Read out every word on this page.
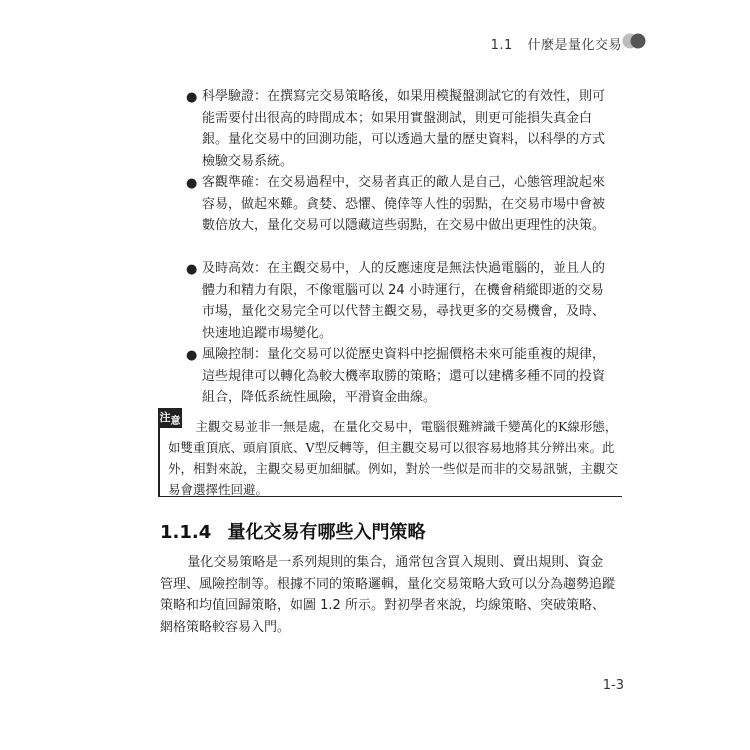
1.1 什麼是量化交易
● 科學驗證：在撰寫完交易策略後，如果用模擬盤測試它的有效性，則可能需要付出很高的時間成本；如果用實盤測試，則更可能損失真金白銀。量化交易中的回測功能，可以透過大量的歷史資料，以科學的方式檢驗交易系統。
● 客觀準確：在交易過程中，交易者真正的敵人是自己，心態管理說起來容易，做起來難。貪婪、恐懼、僥倖等人性的弱點，在交易市場中會被數倍放大，量化交易可以隱藏這些弱點，在交易中做出更理性的決策。
● 及時高效：在主觀交易中，人的反應速度是無法快過電腦的，並且人的體力和精力有限，不像電腦可以 24 小時運行，在機會稍縱即逝的交易市場，量化交易完全可以代替主觀交易，尋找更多的交易機會，及時、快速地追蹤市場變化。
● 風險控制：量化交易可以從歷史資料中挖掘價格未來可能重複的規律，這些規律可以轉化為較大機率取勝的策略；還可以建構多種不同的投資組合，降低系統性風險，平滑資金曲線。
注意	主觀交易並非一無是處，在量化交易中，電腦很難辨識千變萬化的K線形態，如雙重頂底、頭肩頂底、V型反轉等，但主觀交易可以很容易地將其分辨出來。此外，相對來說，主觀交易更加細膩。例如，對於一些似是而非的交易訊號，主觀交易會選擇性回避。
1.1.4 量化交易有哪些入門策略
量化交易策略是一系列規則的集合，通常包含買入規則、賣出規則、資金管理、風險控制等。根據不同的策略邏輯，量化交易策略大致可以分為趨勢追蹤策略和均值回歸策略，如圖 1.2 所示。對初學者來說，均線策略、突破策略、網格策略較容易入門。
1-3
